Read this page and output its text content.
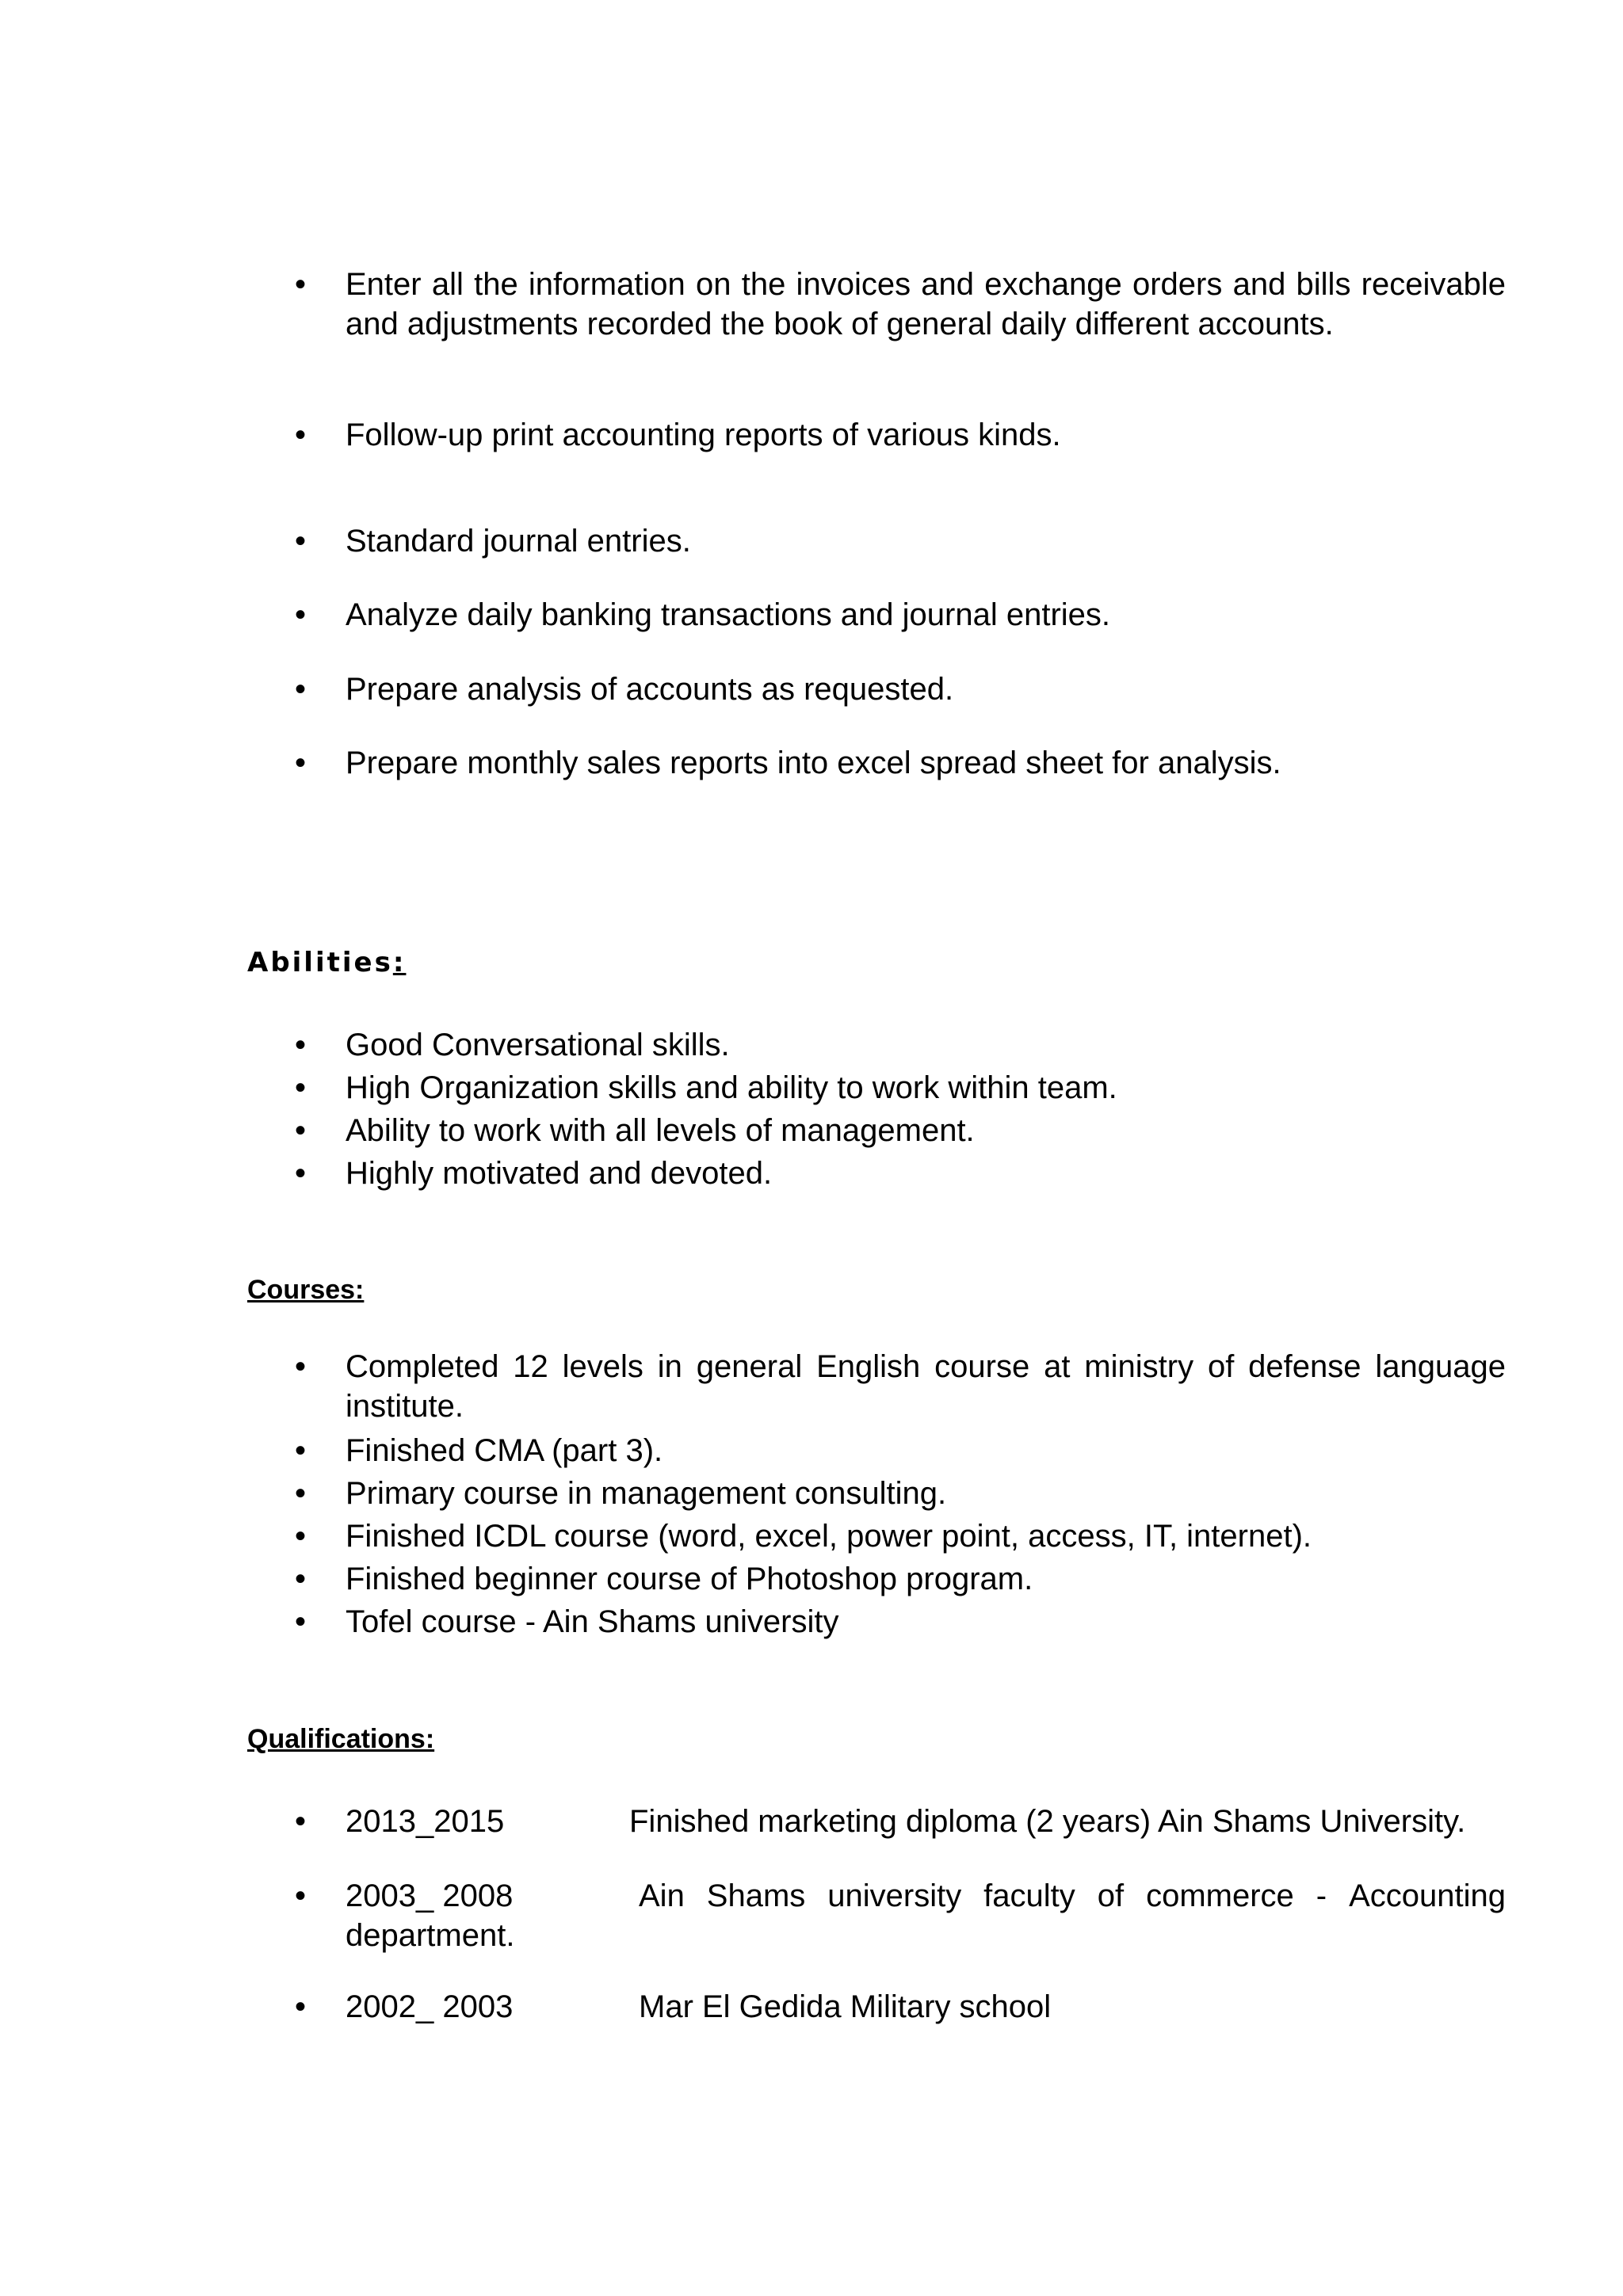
• Enter all the information on the invoices and exchange orders and bills receivable and adjustments recorded the book of general daily different accounts.
• Follow-up print accounting reports of various kinds.
• Standard journal entries.
• Analyze daily banking transactions and journal entries.
• Prepare analysis of accounts as requested.
• Prepare monthly sales reports into excel spread sheet for analysis.
Abilities:
• Good Conversational skills.
• High Organization skills and ability to work within team.
• Ability to work with all levels of management.
• Highly motivated and devoted.
Courses:
• Completed 12 levels in general English course at ministry of defense language institute.
• Finished CMA (part 3).
• Primary course in management consulting.
• Finished ICDL course (word, excel, power point, access, IT, internet).
• Finished beginner course of Photoshop program.
• Tofel course - Ain Shams university
Qualifications:
• 2013_2015	Finished marketing diploma (2 years) Ain Shams University.
• 2003_ 2008	Ain  Shams  university  faculty  of  commerce  -  Accounting
department.
• 2002_ 2003	Mar El Gedida Military school
